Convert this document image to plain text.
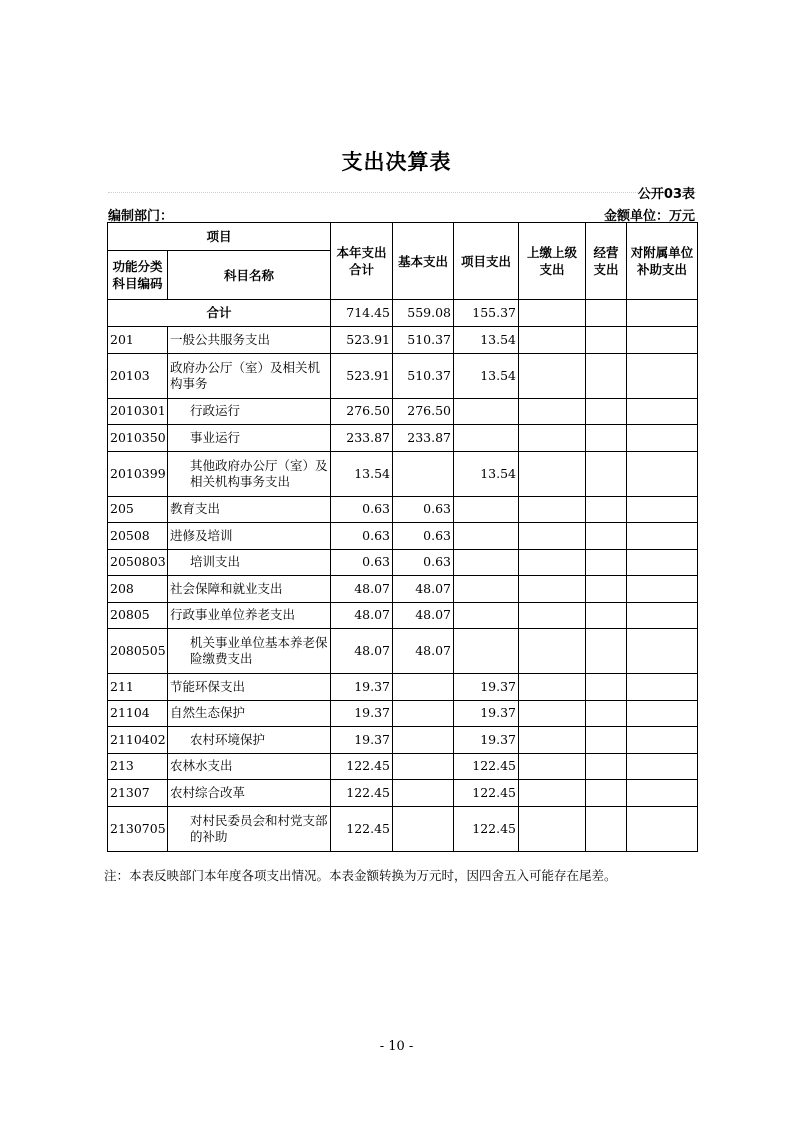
支出决算表
公开03表
编制部门：	金额单位：万元
项目		本年支出合计	基本支出	项目支出	上缴上级支出	经营支出	对附属单位补助支出
功能分类科目编码	科目名称						
合计		714.45	559.08	155.37			
201	一般公共服务支出	523.91	510.37	13.54			
20103	政府办公厅（室）及相关机构事务	523.91	510.37	13.54			
2010301	行政运行	276.50	276.50				
2010350	事业运行	233.87	233.87				
2010399	其他政府办公厅（室）及相关机构事务支出	13.54		13.54			
205	教育支出	0.63	0.63				
20508	进修及培训	0.63	0.63				
2050803	培训支出	0.63	0.63				
208	社会保障和就业支出	48.07	48.07				
20805	行政事业单位养老支出	48.07	48.07				
2080505	机关事业单位基本养老保险缴费支出	48.07	48.07				
211	节能环保支出	19.37		19.37			
21104	自然生态保护	19.37		19.37			
2110402	农村环境保护	19.37		19.37			
213	农林水支出	122.45		122.45			
21307	农村综合改革	122.45		122.45			
2130705	对村民委员会和村党支部的补助	122.45		122.45			
注：本表反映部门本年度各项支出情况。本表金额转换为万元时，因四舍五入可能存在尾差。
- 10 -
